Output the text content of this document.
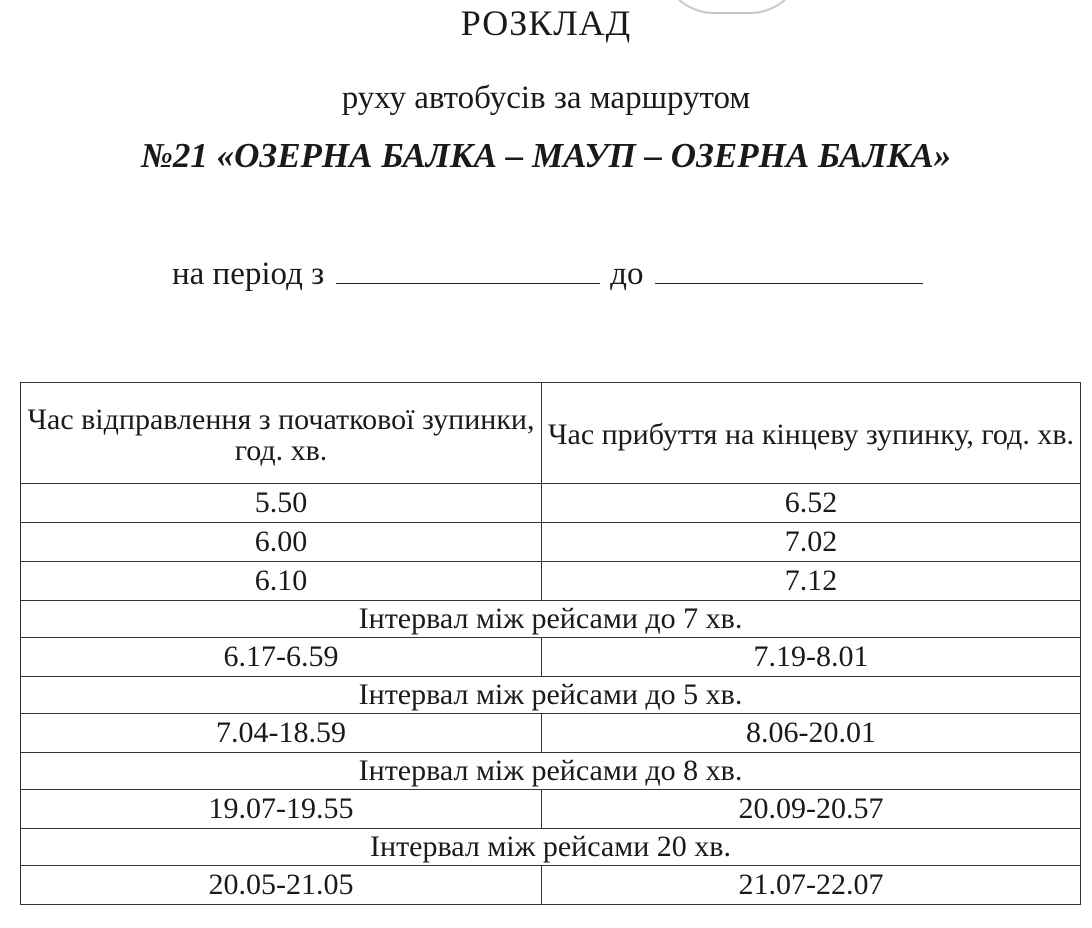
РОЗКЛАД
руху автобусів за маршрутом
№21 «ОЗЕРНА БАЛКА – МАУП – ОЗЕРНА БАЛКА»
на період з	до
Час відправлення з початкової зупинки, год. хв.	Час прибуття на кінцеву зупинку, год. хв.
5.50	6.52
6.00	7.02
6.10	7.12
Інтервал між рейсами до 7 хв.	
6.17-6.59	7.19-8.01
Інтервал між рейсами до 5 хв.	
7.04-18.59	8.06-20.01
Інтервал між рейсами до 8 хв.	
19.07-19.55	20.09-20.57
Інтервал між рейсами 20 хв.	
20.05-21.05	21.07-22.07
